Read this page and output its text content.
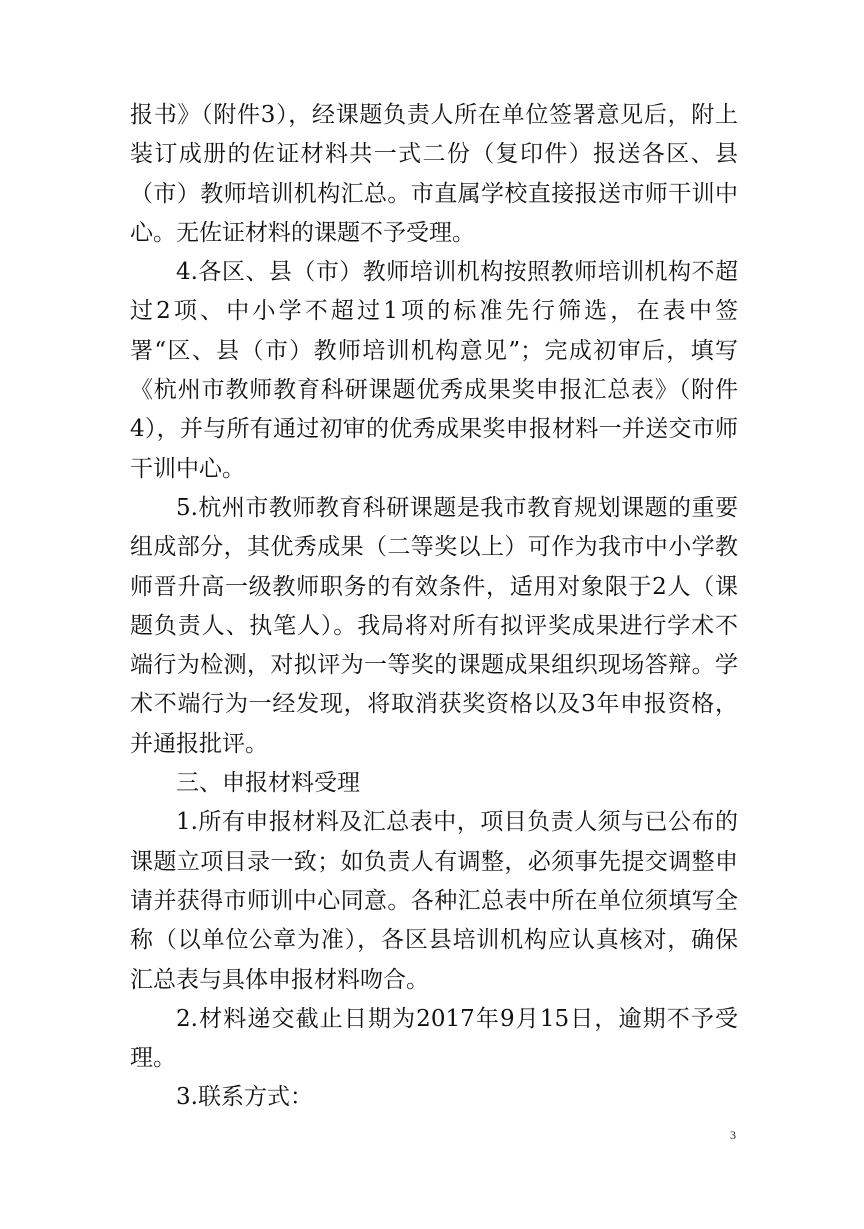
报书》（附件3），经课题负责人所在单位签署意见后，附上装订成册的佐证材料共一式二份（复印件）报送各区、县（市）教师培训机构汇总。市直属学校直接报送市师干训中心。无佐证材料的课题不予受理。

4.各区、县（市）教师培训机构按照教师培训机构不超过2项、中小学不超过1项的标准先行筛选，在表中签署“区、县（市）教师培训机构意见”；完成初审后，填写《杭州市教师教育科研课题优秀成果奖申报汇总表》（附件4），并与所有通过初审的优秀成果奖申报材料一并送交市师干训中心。

5.杭州市教师教育科研课题是我市教育规划课题的重要组成部分，其优秀成果（二等奖以上）可作为我市中小学教师晋升高一级教师职务的有效条件，适用对象限于2人（课题负责人、执笔人）。我局将对所有拟评奖成果进行学术不端行为检测，对拟评为一等奖的课题成果组织现场答辩。学术不端行为一经发现，将取消获奖资格以及3年申报资格，并通报批评。

三、申报材料受理

1.所有申报材料及汇总表中，项目负责人须与已公布的课题立项目录一致；如负责人有调整，必须事先提交调整申请并获得市师训中心同意。各种汇总表中所在单位须填写全称（以单位公章为准），各区县培训机构应认真核对，确保汇总表与具体申报材料吻合。

2.材料递交截止日期为2017年9月15日，逾期不予受理。

3.联系方式：

3
